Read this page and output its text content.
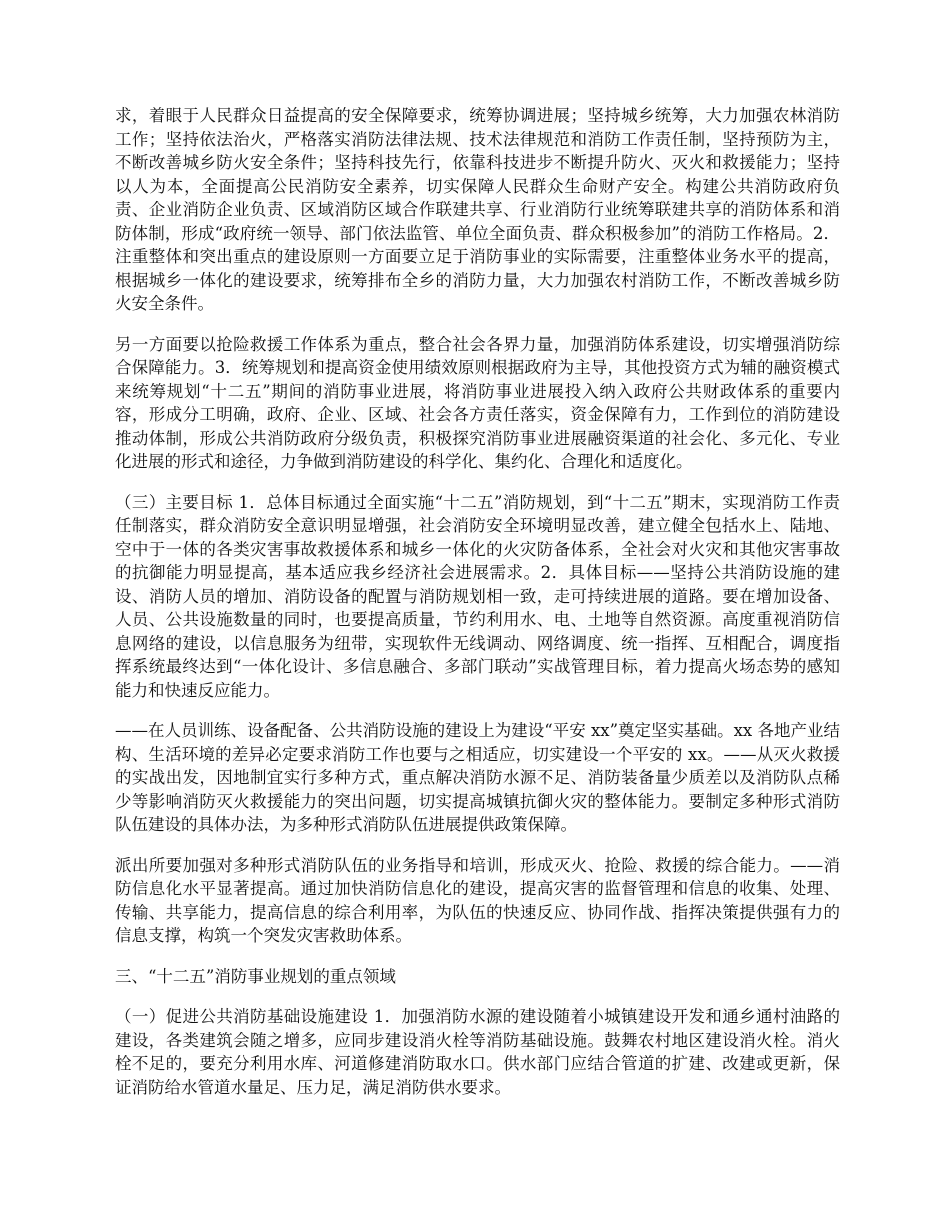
求，着眼于人民群众日益提高的安全保障要求，统筹协调进展；坚持城乡统筹，大力加强农林消防工作；坚持依法治火，严格落实消防法律法规、技术法律规范和消防工作责任制，坚持预防为主，不断改善城乡防火安全条件；坚持科技先行，依靠科技进步不断提升防火、灭火和救援能力；坚持以人为本，全面提高公民消防安全素养，切实保障人民群众生命财产安全。构建公共消防政府负责、企业消防企业负责、区域消防区域合作联建共享、行业消防行业统筹联建共享的消防体系和消防体制，形成“政府统一领导、部门依法监管、单位全面负责、群众积极参加”的消防工作格局。2．注重整体和突出重点的建设原则一方面要立足于消防事业的实际需要，注重整体业务水平的提高，根据城乡一体化的建设要求，统筹排布全乡的消防力量，大力加强农村消防工作，不断改善城乡防火安全条件。

另一方面要以抢险救援工作体系为重点，整合社会各界力量，加强消防体系建设，切实增强消防综合保障能力。3．统筹规划和提高资金使用绩效原则根据政府为主导，其他投资方式为辅的融资模式来统筹规划“十二五”期间的消防事业进展，将消防事业进展投入纳入政府公共财政体系的重要内容，形成分工明确，政府、企业、区域、社会各方责任落实，资金保障有力，工作到位的消防建设推动体制，形成公共消防政府分级负责，积极探究消防事业进展融资渠道的社会化、多元化、专业化进展的形式和途径，力争做到消防建设的科学化、集约化、合理化和适度化。

（三）主要目标 1．总体目标通过全面实施“十二五”消防规划，到“十二五”期末，实现消防工作责任制落实，群众消防安全意识明显增强，社会消防安全环境明显改善，建立健全包括水上、陆地、空中于一体的各类灾害事故救援体系和城乡一体化的火灾防备体系，全社会对火灾和其他灾害事故的抗御能力明显提高，基本适应我乡经济社会进展需求。2．具体目标——坚持公共消防设施的建设、消防人员的增加、消防设备的配置与消防规划相一致，走可持续进展的道路。要在增加设备、人员、公共设施数量的同时，也要提高质量，节约利用水、电、土地等自然资源。高度重视消防信息网络的建设，以信息服务为纽带，实现软件无线调动、网络调度、统一指挥、互相配合，调度指挥系统最终达到“一体化设计、多信息融合、多部门联动”实战管理目标，着力提高火场态势的感知能力和快速反应能力。

——在人员训练、设备配备、公共消防设施的建设上为建设“平安 xx”奠定坚实基础。xx 各地产业结构、生活环境的差异必定要求消防工作也要与之相适应，切实建设一个平安的 xx。——从灭火救援的实战出发，因地制宜实行多种方式，重点解决消防水源不足、消防装备量少质差以及消防队点稀少等影响消防灭火救援能力的突出问题，切实提高城镇抗御火灾的整体能力。要制定多种形式消防队伍建设的具体办法，为多种形式消防队伍进展提供政策保障。

派出所要加强对多种形式消防队伍的业务指导和培训，形成灭火、抢险、救援的综合能力。——消防信息化水平显著提高。通过加快消防信息化的建设，提高灾害的监督管理和信息的收集、处理、传输、共享能力，提高信息的综合利用率，为队伍的快速反应、协同作战、指挥决策提供强有力的信息支撑，构筑一个突发灾害救助体系。

三、“十二五”消防事业规划的重点领域

（一）促进公共消防基础设施建设 1．加强消防水源的建设随着小城镇建设开发和通乡通村油路的建设，各类建筑会随之增多，应同步建设消火栓等消防基础设施。鼓舞农村地区建设消火栓。消火栓不足的，要充分利用水库、河道修建消防取水口。供水部门应结合管道的扩建、改建或更新，保证消防给水管道水量足、压力足，满足消防供水要求。
